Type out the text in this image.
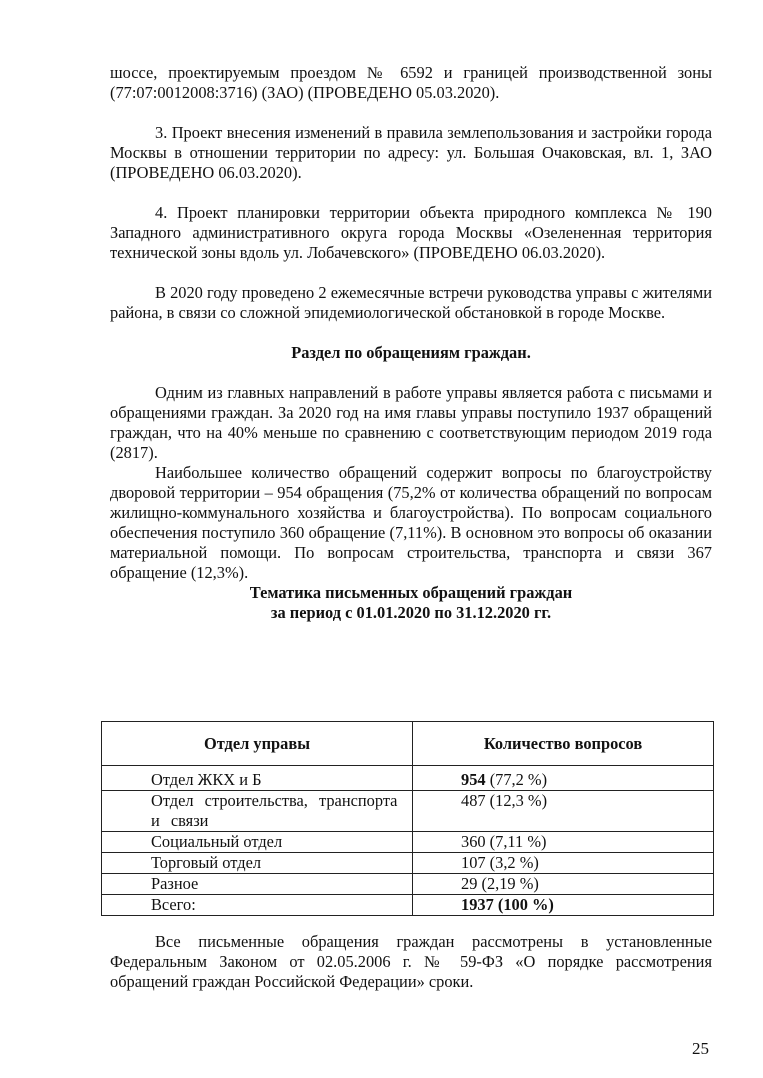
шоссе, проектируемым проездом № 6592 и границей производственной зоны (77:07:0012008:3716) (ЗАО) (ПРОВЕДЕНО 05.03.2020).

3. Проект внесения изменений в правила землепользования и застройки города Москвы в отношении территории по адресу: ул. Большая Очаковская, вл. 1, ЗАО (ПРОВЕДЕНО 06.03.2020).

4. Проект планировки территории объекта природного комплекса № 190 Западного административного округа города Москвы «Озелененная территория технической зоны вдоль ул. Лобачевского» (ПРОВЕДЕНО 06.03.2020).

В 2020 году проведено 2 ежемесячные встречи руководства управы с жителями района, в связи со сложной эпидемиологической обстановкой в городе Москве.

Раздел по обращениям граждан.

Одним из главных направлений в работе управы является работа с письмами и обращениями граждан. За 2020 год на имя главы управы поступило 1937 обращений граждан, что на 40% меньше по сравнению с соответствующим периодом 2019 года (2817).

Наибольшее количество обращений содержит вопросы по благоустройству дворовой территории – 954 обращения (75,2% от количества обращений по вопросам жилищно-коммунального хозяйства и благоустройства). По вопросам социального обеспечения поступило 360 обращение (7,11%). В основном это вопросы об оказании материальной помощи. По вопросам строительства, транспорта и связи 367 обращение (12,3%).

Тематика письменных обращений граждан

за период с 01.01.2020 по 31.12.2020 гг.

Отдел управы	Количество вопросов
Отдел ЖКХ и Б	954 (77,2 %)
Отдел строительства, транспорта и связи	487 (12,3 %)
Социальный отдел	360 (7,11 %)
Торговый отдел	107 (3,2 %)
Разное	29 (2,19 %)
Всего:	1937 (100 %)

Все письменные обращения граждан рассмотрены в установленные Федеральным Законом от 02.05.2006 г. № 59-ФЗ «О порядке рассмотрения обращений граждан Российской Федерации» сроки.

25
